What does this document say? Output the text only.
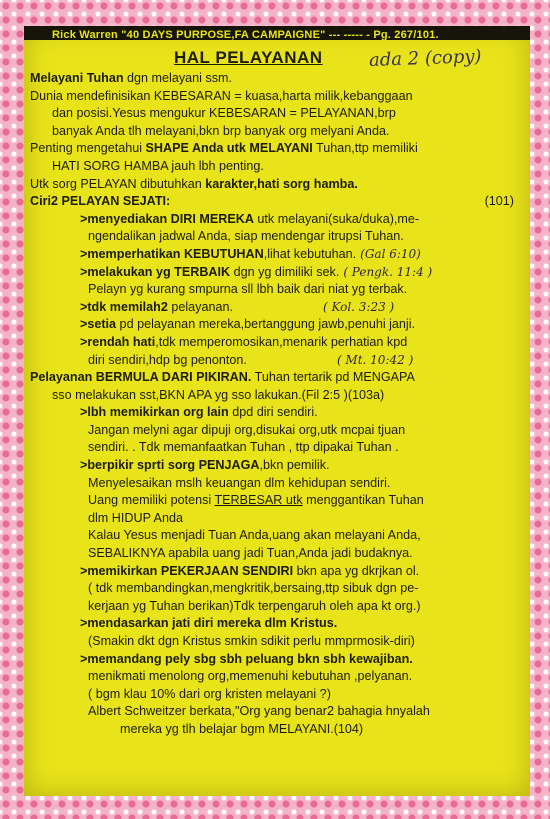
Rick Warren "40 DAYS PURPOSE,FA CAMPAIGNE" --- ----- - Pg. 267/101.
HAL PELAYANAN	ada 2 (copy)
Melayani Tuhan dgn melayani ssm.
Dunia mendefinisikan KEBESARAN = kuasa,harta milik,kebanggaan
dan posisi.Yesus mengukur KEBESARAN = PELAYANAN,brp
banyak Anda tlh melayani,bkn brp banyak org melyani Anda.
Penting mengetahui SHAPE Anda utk MELAYANI Tuhan,ttp memiliki
HATI SORG HAMBA jauh lbh penting.
Utk sorg PELAYAN dibutuhkan karakter,hati sorg hamba.
Ciri2 PELAYAN SEJATI:	(101)
>menyediakan DIRI MEREKA utk melayani(suka/duka),me-
ngendalikan jadwal Anda, siap mendengar itrupsi Tuhan.
>memperhatikan KEBUTUHAN,lihat kebutuhan. (Gal 6:10)
>melakukan yg TERBAIK dgn yg dimiliki sek. ( Pengk. 11:4 )
Pelayn yg kurang smpurna sll lbh baik dari niat yg terbak.
>tdk memilah2 pelayanan.	( Kol. 3:23 )
>setia pd pelayanan mereka,bertanggung jawb,penuhi janji.
>rendah hati,tdk memperomosikan,menarik perhatian kpd
diri sendiri,hdp bg penonton.	( Mt. 10:42 )
Pelayanan BERMULA DARI PIKIRAN. Tuhan tertarik pd MENGAPA
sso melakukan sst,BKN APA yg sso lakukan.(Fil 2:5 )(103a)
>lbh memikirkan org lain dpd diri sendiri.
Jangan melyni agar dipuji org,disukai org,utk mcpai tjuan
sendiri. . Tdk memanfaatkan Tuhan , ttp dipakai Tuhan .
>berpikir sprti sorg PENJAGA,bkn pemilik.
Menyelesaikan mslh keuangan dlm kehidupan sendiri.
Uang memiliki potensi TERBESAR utk menggantikan Tuhan
dlm HIDUP Anda
Kalau Yesus menjadi Tuan Anda,uang akan melayani Anda,
SEBALIKNYA apabila uang jadi Tuan,Anda jadi budaknya.
>memikirkan PEKERJAAN SENDIRI bkn apa yg dkrjkan ol.
( tdk membandingkan,mengkritik,bersaing,ttp sibuk dgn pe-
kerjaan yg Tuhan berikan)Tdk terpengaruh oleh apa kt org.)
>mendasarkan jati diri mereka dlm Kristus.
(Smakin dkt dgn Kristus smkin sdikit perlu mmprmosik-diri)
>memandang pely sbg sbh peluang bkn sbh kewajiban.
menikmati menolong org,memenuhi kebutuhan ,pelyanan.
( bgm klau 10% dari org kristen melayani ?)
Albert Schweitzer berkata,"Org yang benar2 bahagia hnyalah
mereka yg tlh belajar bgm MELAYANI.(104)
